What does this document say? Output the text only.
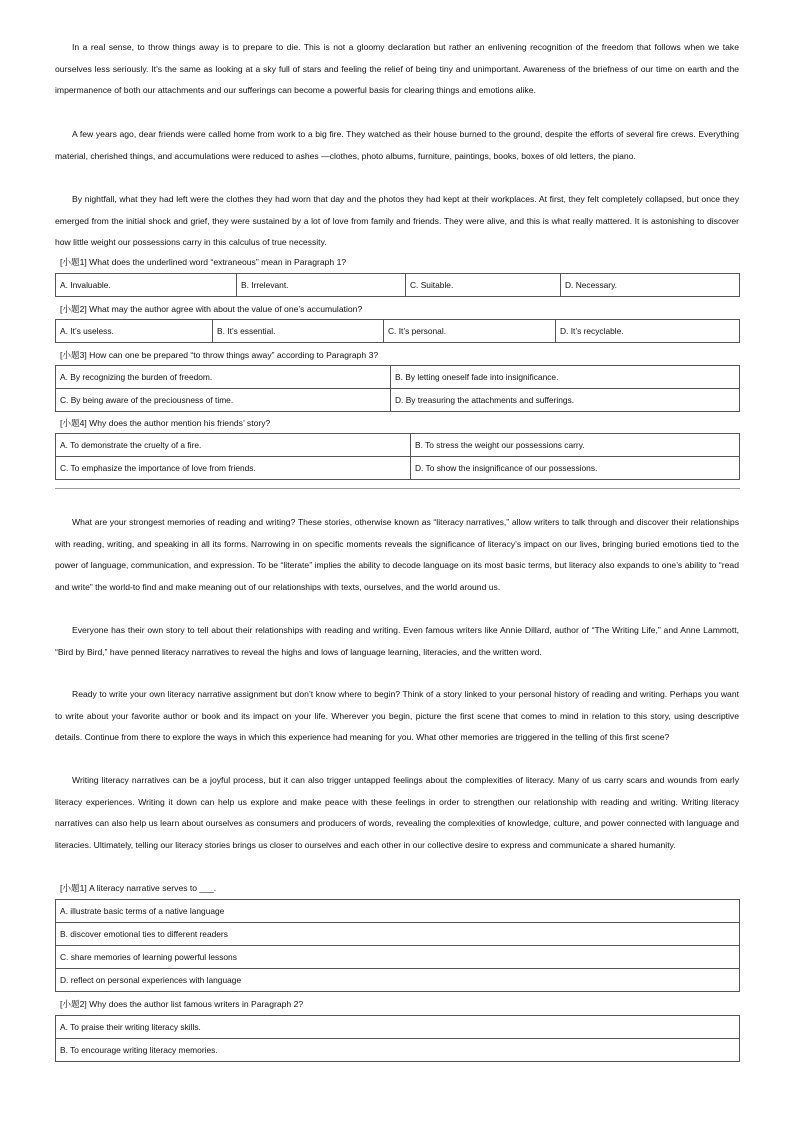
In a real sense, to throw things away is to prepare to die. This is not a gloomy declaration but rather an enlivening recognition of the freedom that follows when we take ourselves less seriously. It’s the same as looking at a sky full of stars and feeling the relief of being tiny and unimportant. Awareness of the briefness of our time on earth and the impermanence of both our attachments and our sufferings can become a powerful basis for clearing things and emotions alike.

A few years ago, dear friends were called home from work to a big fire. They watched as their house burned to the ground, despite the efforts of several fire crews. Everything material, cherished things, and accumulations were reduced to ashes —clothes, photo albums, furniture, paintings, books, boxes of old letters, the piano.

By nightfall, what they had left were the clothes they had worn that day and the photos they had kept at their workplaces. At first, they felt completely collapsed, but once they emerged from the initial shock and grief, they were sustained by a lot of love from family and friends. They were alive, and this is what really mattered. It is astonishing to discover how little weight our possessions carry in this calculus of true necessity.

[小题1] What does the underlined word “extraneous” mean in Paragraph 1?
A. Invaluable.	B. Irrelevant.	C. Suitable.	D. Necessary.
[小题2] What may the author agree with about the value of one’s accumulation?
A. It’s useless.	B. It’s essential.	C. It’s personal.	D. It’s recyclable.
[小题3] How can one be prepared “to throw things away” according to Paragraph 3?
A. By recognizing the burden of freedom.	B. By letting oneself fade into insignificance.
C. By being aware of the preciousness of time.	D. By treasuring the attachments and sufferings.
[小题4] Why does the author mention his friends’ story?
A. To demonstrate the cruelty of a fire.	B. To stress the weight our possessions carry.
C. To emphasize the importance of love from friends.	D. To show the insignificance of our possessions.

What are your strongest memories of reading and writing? These stories, otherwise known as “literacy narratives,” allow writers to talk through and discover their relationships with reading, writing, and speaking in all its forms. Narrowing in on specific moments reveals the significance of literacy’s impact on our lives, bringing buried emotions tied to the power of language, communication, and expression. To be “literate” implies the ability to decode language on its most basic terms, but literacy also expands to one’s ability to “read and write” the world-to find and make meaning out of our relationships with texts, ourselves, and the world around us.

Everyone has their own story to tell about their relationships with reading and writing. Even famous writers like Annie Dillard, author of “The Writing Life,” and Anne Lammott, “Bird by Bird,” have penned literacy narratives to reveal the highs and lows of language learning, literacies, and the written word.

Ready to write your own literacy narrative assignment but don’t know where to begin? Think of a story linked to your personal history of reading and writing. Perhaps you want to write about your favorite author or book and its impact on your life. Wherever you begin, picture the first scene that comes to mind in relation to this story, using descriptive details. Continue from there to explore the ways in which this experience had meaning for you. What other memories are triggered in the telling of this first scene?

Writing literacy narratives can be a joyful process, but it can also trigger untapped feelings about the complexities of literacy. Many of us carry scars and wounds from early literacy experiences. Writing it down can help us explore and make peace with these feelings in order to strengthen our relationship with reading and writing. Writing literacy narratives can also help us learn about ourselves as consumers and producers of words, revealing the complexities of knowledge, culture, and power connected with language and literacies. Ultimately, telling our literacy stories brings us closer to ourselves and each other in our collective desire to express and communicate a shared humanity.

[小题1] A literacy narrative serves to ___.
A. illustrate basic terms of a native language
B. discover emotional ties to different readers
C. share memories of learning powerful lessons
D. reflect on personal experiences with language
[小题2] Why does the author list famous writers in Paragraph 2?
A. To praise their writing literacy skills.
B. To encourage writing literacy memories.
